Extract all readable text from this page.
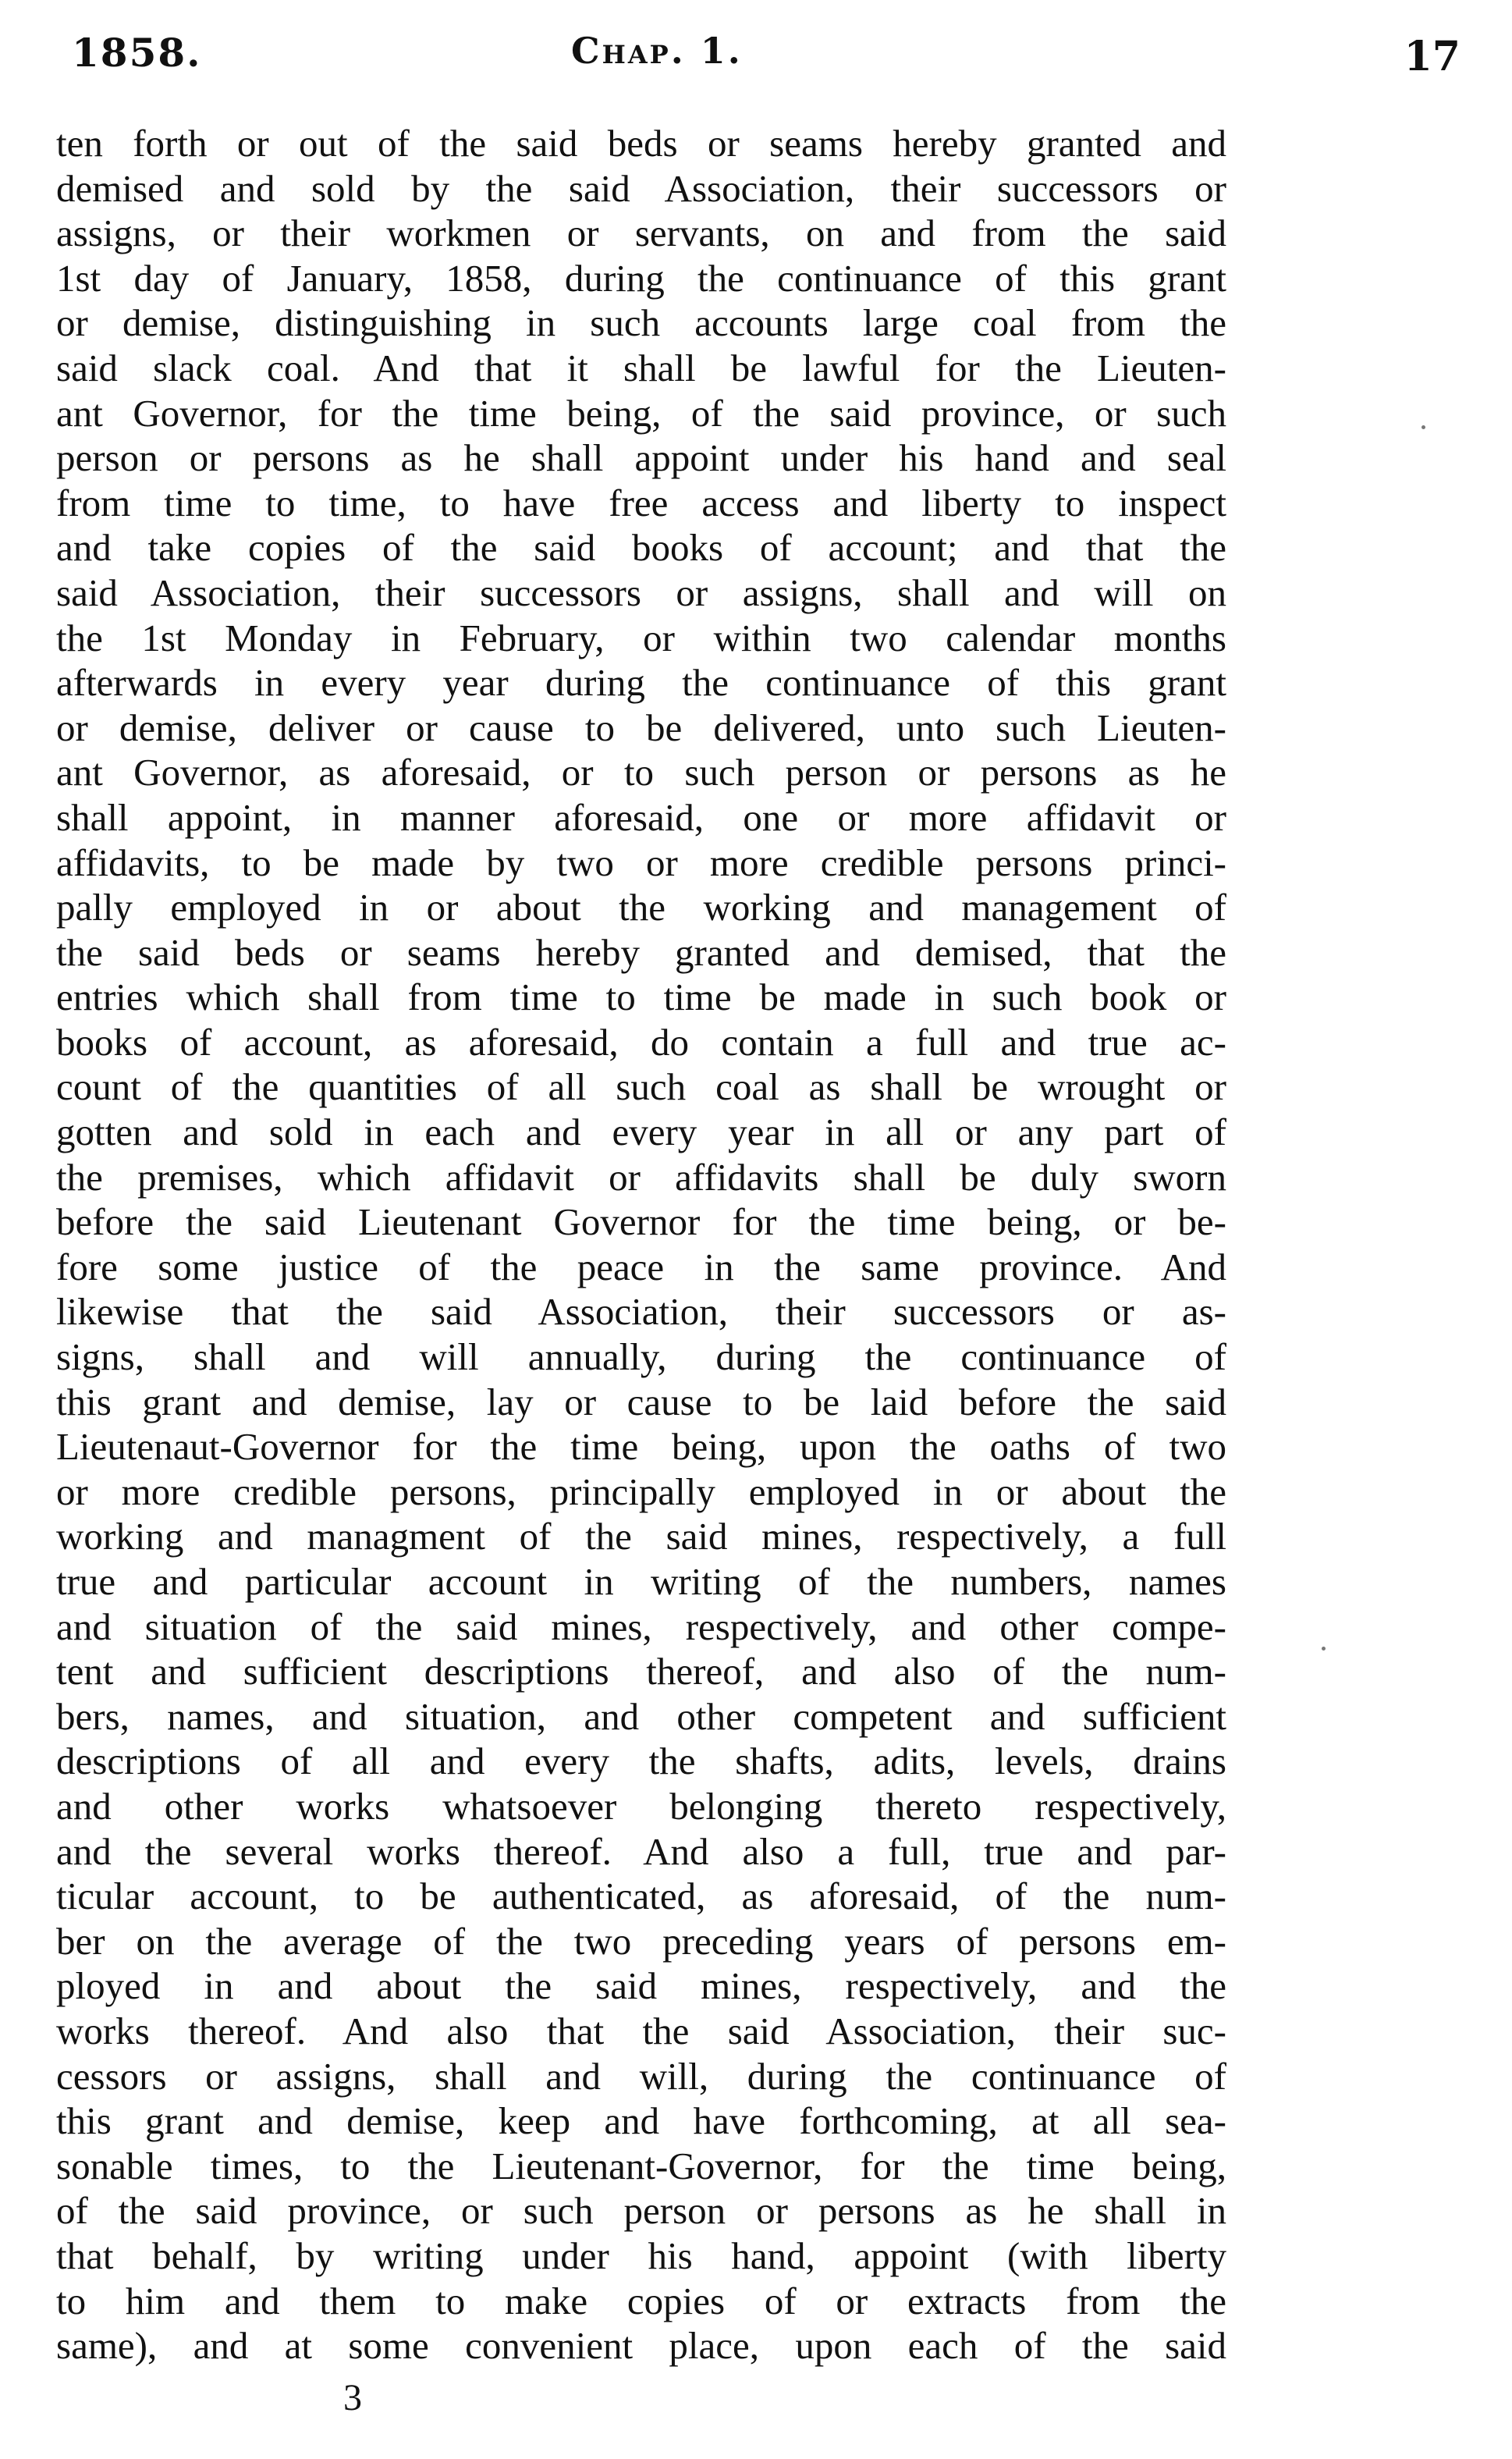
1858.	Chap. 1.	17
ten forth or out of the said beds or seams hereby granted and
demised and sold by the said Association, their successors or
assigns, or their workmen or servants, on and from the said
1st day of January, 1858, during the continuance of this grant
or demise, distinguishing in such accounts large coal from the
said slack coal. And that it shall be lawful for the Lieuten-
ant Governor, for the time being, of the said province, or such
person or persons as he shall appoint under his hand and seal
from time to time, to have free access and liberty to inspect
and take copies of the said books of account; and that the
said Association, their successors or assigns, shall and will on
the 1st Monday in February, or within two calendar months
afterwards in every year during the continuance of this grant
or demise, deliver or cause to be delivered, unto such Lieuten-
ant Governor, as aforesaid, or to such person or persons as he
shall appoint, in manner aforesaid, one or more affidavit or
affidavits, to be made by two or more credible persons princi-
pally employed in or about the working and management of
the said beds or seams hereby granted and demised, that the
entries which shall from time to time be made in such book or
books of account, as aforesaid, do contain a full and true ac-
count of the quantities of all such coal as shall be wrought or
gotten and sold in each and every year in all or any part of
the premises, which affidavit or affidavits shall be duly sworn
before the said Lieutenant Governor for the time being, or be-
fore some justice of the peace in the same province. And
likewise that the said Association, their successors or as-
signs, shall and will annually, during the continuance of
this grant and demise, lay or cause to be laid before the said
Lieutenaut-Governor for the time being, upon the oaths of two
or more credible persons, principally employed in or about the
working and managment of the said mines, respectively, a full
true and particular account in writing of the numbers, names
and situation of the said mines, respectively, and other compe-
tent and sufficient descriptions thereof, and also of the num-
bers, names, and situation, and other competent and sufficient
descriptions of all and every the shafts, adits, levels, drains
and other works whatsoever belonging thereto respectively,
and the several works thereof. And also a full, true and par-
ticular account, to be authenticated, as aforesaid, of the num-
ber on the average of the two preceding years of persons em-
ployed in and about the said mines, respectively, and the
works thereof. And also that the said Association, their suc-
cessors or assigns, shall and will, during the continuance of
this grant and demise, keep and have forthcoming, at all sea-
sonable times, to the Lieutenant-Governor, for the time being,
of the said province, or such person or persons as he shall in
that behalf, by writing under his hand, appoint (with liberty
to him and them to make copies of or extracts from the
same), and at some convenient place, upon each of the said
3
